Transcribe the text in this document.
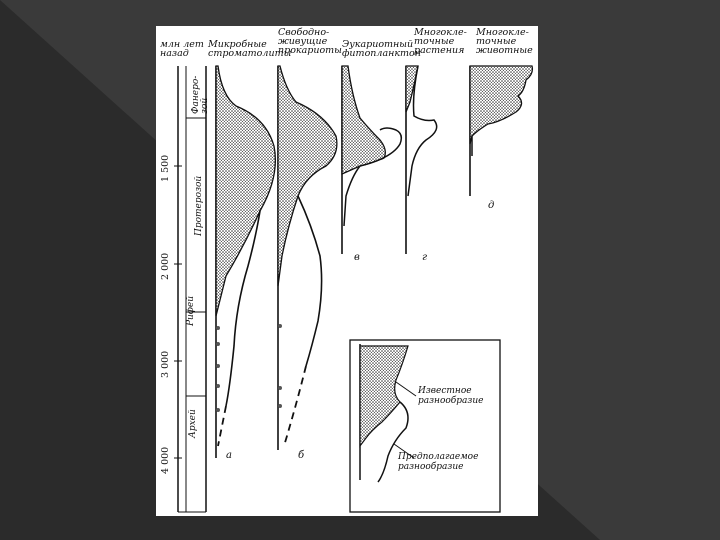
млн лет
назад
Микробные
строматолиты
Свободно-
живущие
прокариоты
Эукариотный
фитопланктон
Многокле-
точные
растения
Многокле-
точные
животные
Фанеро-
зой
Протерозой
Рифей
Архей
1 500
2 000
3 000
4 000	а	б
в	г
д
Известное
разнообразие
Предполагаемое
разнообразие
